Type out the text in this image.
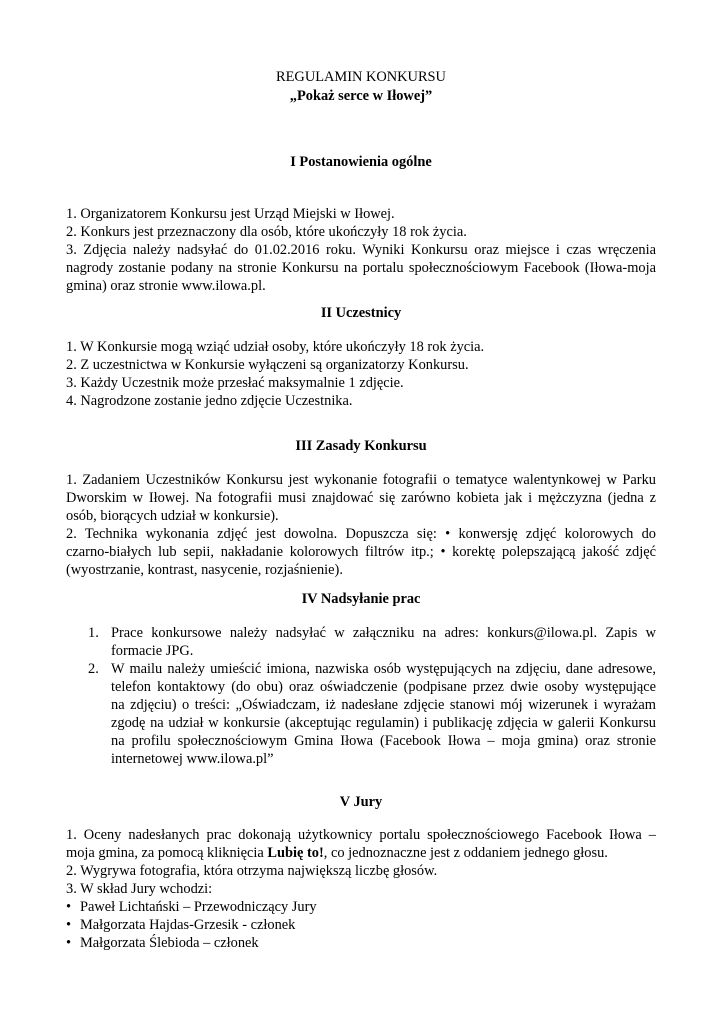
REGULAMIN KONKURSU
„Pokaż serce w Iłowej”
I Postanowienia ogólne
1. Organizatorem Konkursu jest Urząd Miejski w Iłowej.
2. Konkurs jest przeznaczony dla osób, które ukończyły 18 rok życia.
3. Zdjęcia należy nadsyłać do 01.02.2016 roku. Wyniki Konkursu oraz miejsce i czas wręczenia
nagrody zostanie podany na stronie Konkursu na portalu społecznościowym Facebook (Iłowa-moja
gmina) oraz stronie www.ilowa.pl.
II Uczestnicy
1. W Konkursie mogą wziąć udział osoby, które ukończyły 18 rok życia.
2. Z uczestnictwa w Konkursie wyłączeni są organizatorzy Konkursu.
3. Każdy Uczestnik może przesłać maksymalnie 1 zdjęcie.
4. Nagrodzone zostanie jedno zdjęcie Uczestnika.
III Zasady Konkursu
1. Zadaniem Uczestników Konkursu jest wykonanie fotografii o tematyce walentynkowej w Parku
Dworskim w Iłowej. Na fotografii musi znajdować się zarówno kobieta jak i mężczyzna (jedna z
osób, biorących udział w konkursie).
2. Technika wykonania zdjęć jest dowolna. Dopuszcza się: • konwersję zdjęć kolorowych do
czarno-białych lub sepii, nakładanie kolorowych filtrów itp.; • korektę polepszającą jakość zdjęć
(wyostrzanie, kontrast, nasycenie, rozjaśnienie).
IV Nadsyłanie prac
1. Prace konkursowe należy nadsyłać w załączniku na adres: konkurs@ilowa.pl. Zapis w
formacie JPG.
2. W mailu należy umieścić imiona, nazwiska osób występujących na zdjęciu, dane adresowe,
telefon kontaktowy (do obu) oraz oświadczenie (podpisane przez dwie osoby występujące
na zdjęciu) o treści: „Oświadczam, iż nadesłane zdjęcie stanowi mój wizerunek i wyrażam
zgodę na udział w konkursie (akceptując regulamin) i publikację zdjęcia w galerii Konkursu
na profilu społecznościowym Gmina Iłowa (Facebook Iłowa – moja gmina) oraz stronie
internetowej www.ilowa.pl”
V Jury
1. Oceny nadesłanych prac dokonają użytkownicy portalu społecznościowego Facebook Iłowa –
moja gmina, za pomocą kliknięcia Lubię to!, co jednoznaczne jest z oddaniem jednego głosu.
2. Wygrywa fotografia, która otrzyma największą liczbę głosów.
3. W skład Jury wchodzi:
• Paweł Lichtański – Przewodniczący Jury
• Małgorzata Hajdas-Grzesik - członek
• Małgorzata Ślebioda – członek
